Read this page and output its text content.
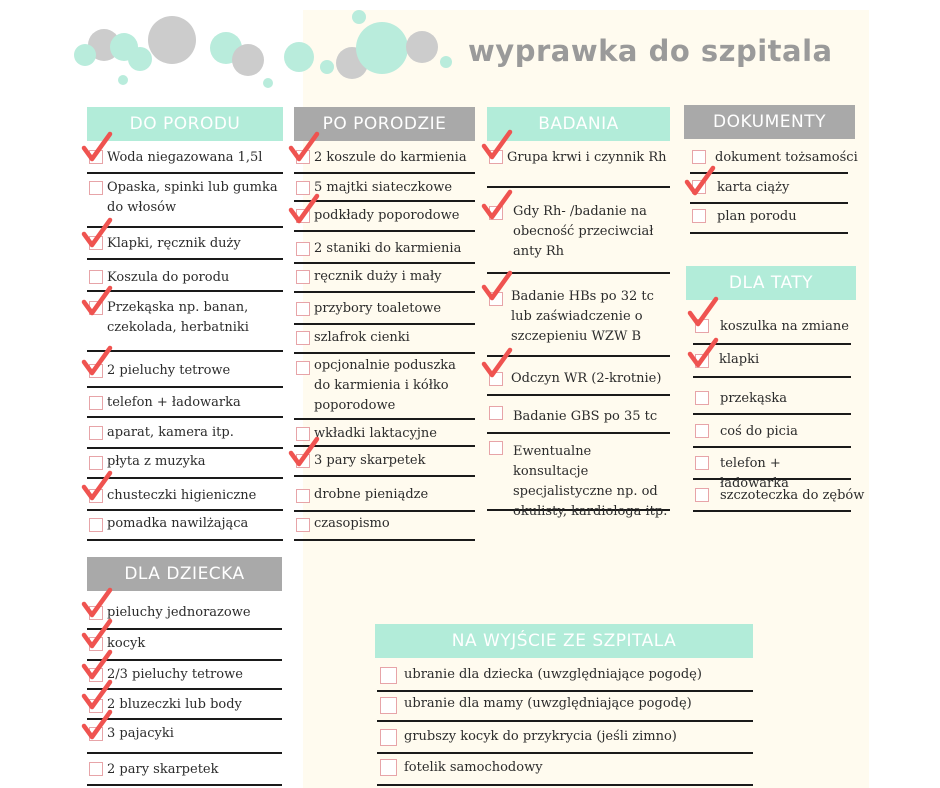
wyprawka do szpitala
DO PORODU	PO PORODZIE	BADANIA	DOKUMENTY
DLA TATY
DLA DZIECKA
NA WYJŚCIE ZE SZPITALA
Woda niegazowana 1,5l
Opaska, spinki lub gumka do włosów
Klapki, ręcznik duży
Koszula do porodu
Przekąska np. banan, czekolada, herbatniki
2 pieluchy tetrowe
telefon + ładowarka
aparat, kamera itp.
płyta z muzyka
chusteczki higieniczne
pomadka nawilżająca
2 koszule do karmienia
5 majtki siateczkowe
podkłady poporodowe
2 staniki do karmienia
ręcznik duży i mały
przybory toaletowe
szlafrok cienki
opcjonalnie poduszka do karmienia i kółko poporodowe
wkładki laktacyjne
3 pary skarpetek
drobne pieniądze
czasopismo
Grupa krwi i czynnik Rh
Gdy Rh- /badanie na obecność przeciwciał anty Rh
Badanie HBs po 32 tc lub zaświadczenie o szczepieniu WZW B
Odczyn WR (2-krotnie)
Badanie GBS po 35 tc
Ewentualne konsultacje specjalistyczne np. od okulisty, kardiologa itp.
dokument tożsamości
karta ciąży
plan porodu
koszulka na zmiane
klapki
przekąska
coś do picia
telefon + ładowarka
szczoteczka do zębów
pieluchy jednorazowe
kocyk
2/3 pieluchy tetrowe
2 bluzeczki lub body
3 pajacyki
2 pary skarpetek
ubranie dla dziecka (uwzględniające pogodę)
ubranie dla mamy (uwzględniające pogodę)
grubszy kocyk do przykrycia (jeśli zimno)
fotelik samochodowy
